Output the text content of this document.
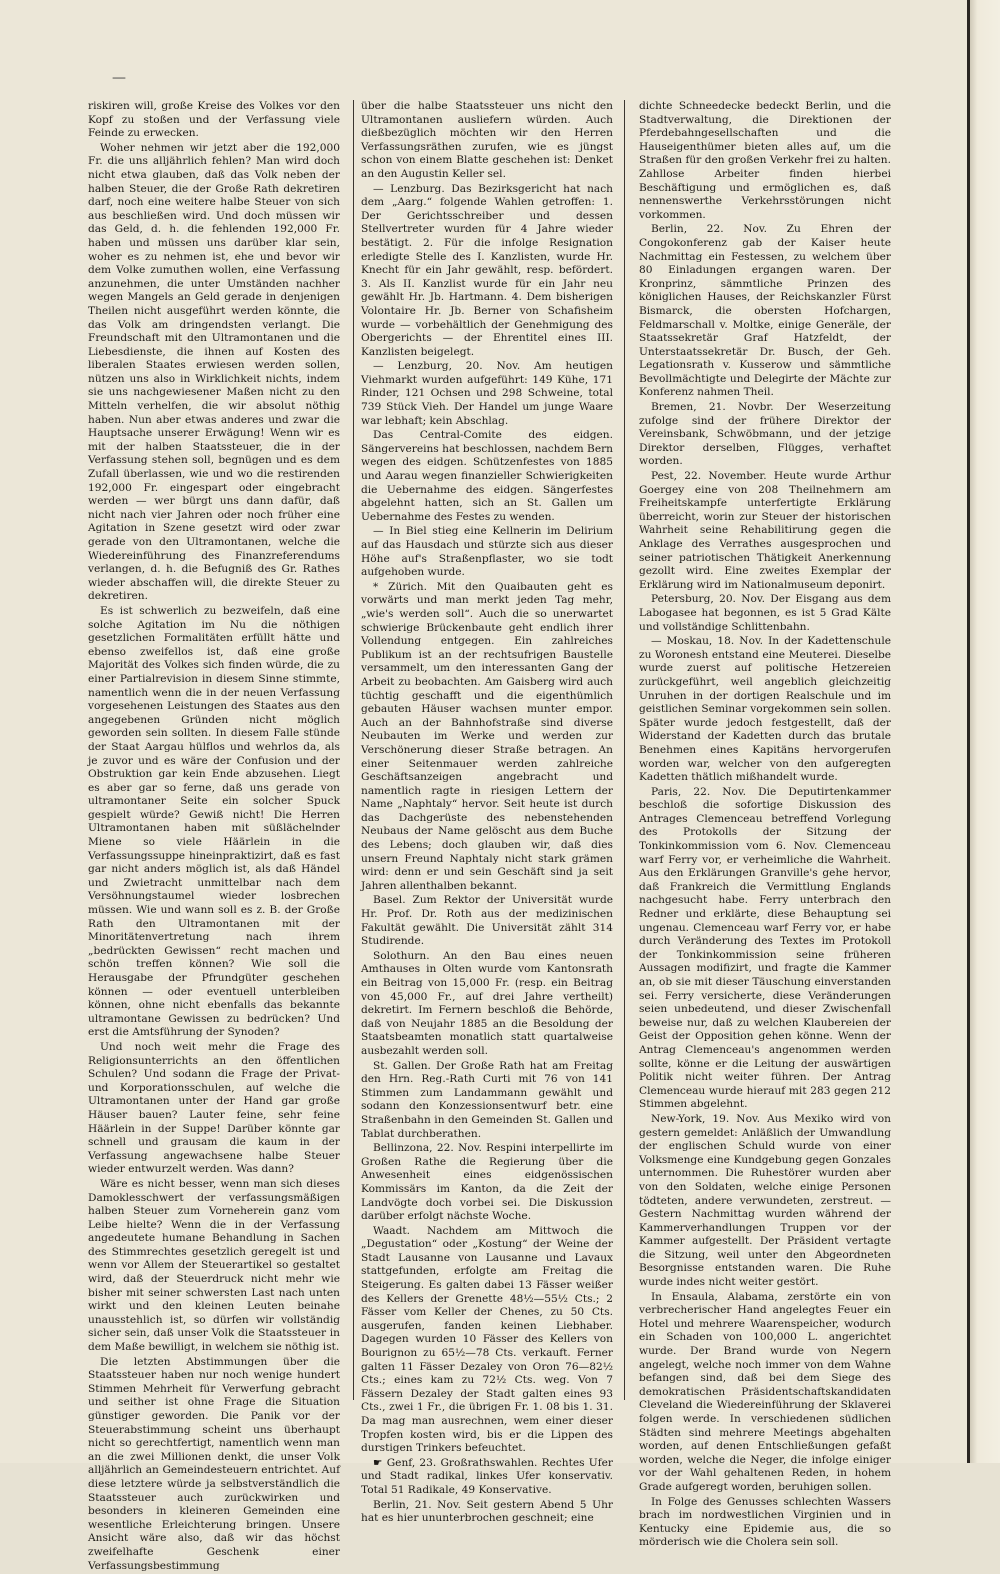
—

riskiren will, große Kreise des Volkes vor den Kopf zu stoßen und der Verfassung viele Feinde zu erwecken.

Woher nehmen wir jetzt aber die 192,000 Fr. die uns alljährlich fehlen? Man wird doch nicht etwa glauben, daß das Volk neben der halben Steuer, die der Große Rath dekretiren darf, noch eine weitere halbe Steuer von sich aus beschließen wird. Und doch müssen wir das Geld, d. h. die fehlenden 192,000 Fr. haben und müssen uns darüber klar sein, woher es zu nehmen ist, ehe und bevor wir dem Volke zumuthen wollen, eine Verfassung anzunehmen, die unter Umständen nachher wegen Mangels an Geld gerade in denjenigen Theilen nicht ausgeführt werden könnte, die das Volk am dringendsten verlangt. Die Freundschaft mit den Ultramontanen und die Liebesdienste, die ihnen auf Kosten des liberalen Staates erwiesen werden sollen, nützen uns also in Wirklichkeit nichts, indem sie uns nachgewiesener Maßen nicht zu den Mitteln verhelfen, die wir absolut nöthig haben. Nun aber etwas anderes und zwar die Hauptsache unserer Erwägung! Wenn wir es mit der halben Staatssteuer, die in der Verfassung stehen soll, begnügen und es dem Zufall überlassen, wie und wo die restirenden 192,000 Fr. eingespart oder eingebracht werden — wer bürgt uns dann dafür, daß nicht nach vier Jahren oder noch früher eine Agitation in Szene gesetzt wird oder zwar gerade von den Ultramontanen, welche die Wiedereinführung des Finanzreferendums verlangen, d. h. die Befugniß des Gr. Rathes wieder abschaffen will, die direkte Steuer zu dekretiren.

Es ist schwerlich zu bezweifeln, daß eine solche Agitation im Nu die nöthigen gesetzlichen Formalitäten erfüllt hätte und ebenso zweifellos ist, daß eine große Majorität des Volkes sich finden würde, die zu einer Partialrevision in diesem Sinne stimmte, namentlich wenn die in der neuen Verfassung vorgesehenen Leistungen des Staates aus den angegebenen Gründen nicht möglich geworden sein sollten. In diesem Falle stünde der Staat Aargau hülflos und wehrlos da, als je zuvor und es wäre der Confusion und der Obstruktion gar kein Ende abzusehen. Liegt es aber gar so ferne, daß uns gerade von ultramontaner Seite ein solcher Spuck gespielt würde? Gewiß nicht! Die Herren Ultramontanen haben mit süßlächelnder Miene so viele Häärlein in die Verfassungssuppe hineinpraktizirt, daß es fast gar nicht anders möglich ist, als daß Händel und Zwietracht unmittelbar nach dem Versöhnungstaumel wieder losbrechen müssen. Wie und wann soll es z. B. der Große Rath den Ultramontanen mit der Minoritätenvertretung nach ihrem „bedrückten Gewissen“ recht machen und schön treffen können? Wie soll die Herausgabe der Pfrundgüter geschehen können — oder eventuell unterbleiben können, ohne nicht ebenfalls das bekannte ultramontane Gewissen zu bedrücken? Und erst die Amtsführung der Synoden?

Und noch weit mehr die Frage des Religionsunterrichts an den öffentlichen Schulen? Und sodann die Frage der Privat- und Korporationsschulen, auf welche die Ultramontanen unter der Hand gar große Häuser bauen? Lauter feine, sehr feine Häärlein in der Suppe! Darüber könnte gar schnell und grausam die kaum in der Verfassung angewachsene halbe Steuer wieder entwurzelt werden. Was dann?

Wäre es nicht besser, wenn man sich dieses Damoklesschwert der verfassungsmäßigen halben Steuer zum Vorneherein ganz vom Leibe hielte? Wenn die in der Verfassung angedeutete humane Behandlung in Sachen des Stimmrechtes gesetzlich geregelt ist und wenn vor Allem der Steuerartikel so gestaltet wird, daß der Steuerdruck nicht mehr wie bisher mit seiner schwersten Last nach unten wirkt und den kleinen Leuten beinahe unausstehlich ist, so dürfen wir vollständig sicher sein, daß unser Volk die Staatssteuer in dem Maße bewilligt, in welchem sie nöthig ist.

Die letzten Abstimmungen über die Staatssteuer haben nur noch wenige hundert Stimmen Mehrheit für Verwerfung gebracht und seither ist ohne Frage die Situation günstiger geworden. Die Panik vor der Steuerabstimmung scheint uns überhaupt nicht so gerechtfertigt, namentlich wenn man an die zwei Millionen denkt, die unser Volk alljährlich an Gemeindesteuern entrichtet. Auf diese letztere würde ja selbstverständlich die Staatssteuer auch zurückwirken und besonders in kleineren Gemeinden eine wesentliche Erleichterung bringen. Unsere Ansicht wäre also, daß wir das höchst zweifelhafte Geschenk einer Verfassungsbestimmung

über die halbe Staatssteuer uns nicht den Ultramontanen ausliefern würden. Auch dießbezüglich möchten wir den Herren Verfassungsräthen zurufen, wie es jüngst schon von einem Blatte geschehen ist: Denket an den Augustin Keller sel.

— Lenzburg. Das Bezirksgericht hat nach dem „Aarg.“ folgende Wahlen getroffen: 1. Der Gerichtsschreiber und dessen Stellvertreter wurden für 4 Jahre wieder bestätigt. 2. Für die infolge Resignation erledigte Stelle des I. Kanzlisten, wurde Hr. Knecht für ein Jahr gewählt, resp. befördert. 3. Als II. Kanzlist wurde für ein Jahr neu gewählt Hr. Jb. Hartmann. 4. Dem bisherigen Volontaire Hr. Jb. Berner von Schafisheim wurde — vorbehältlich der Genehmigung des Obergerichts — der Ehrentitel eines III. Kanzlisten beigelegt.

— Lenzburg, 20. Nov. Am heutigen Viehmarkt wurden aufgeführt: 149 Kühe, 171 Rinder, 121 Ochsen und 298 Schweine, total 739 Stück Vieh. Der Handel um junge Waare war lebhaft; kein Abschlag.

Das Central-Comite des eidgen. Sängervereins hat beschlossen, nachdem Bern wegen des eidgen. Schützenfestes von 1885 und Aarau wegen finanzieller Schwierigkeiten die Uebernahme des eidgen. Sängerfestes abgelehnt hatten, sich an St. Gallen um Uebernahme des Festes zu wenden.

— In Biel stieg eine Kellnerin im Delirium auf das Hausdach und stürzte sich aus dieser Höhe auf's Straßenpflaster, wo sie todt aufgehoben wurde.

* Zürich. Mit den Quaibauten geht es vorwärts und man merkt jeden Tag mehr, „wie's werden soll“. Auch die so unerwartet schwierige Brückenbaute geht endlich ihrer Vollendung entgegen. Ein zahlreiches Publikum ist an der rechtsufrigen Baustelle versammelt, um den interessanten Gang der Arbeit zu beobachten. Am Gaisberg wird auch tüchtig geschafft und die eigenthümlich gebauten Häuser wachsen munter empor. Auch an der Bahnhofstraße sind diverse Neubauten im Werke und werden zur Verschönerung dieser Straße betragen. An einer Seitenmauer werden zahlreiche Geschäftsanzeigen angebracht und namentlich ragte in riesigen Lettern der Name „Naphtaly“ hervor. Seit heute ist durch das Dachgerüste des nebenstehenden Neubaus der Name gelöscht aus dem Buche des Lebens; doch glauben wir, daß dies unsern Freund Naphtaly nicht stark grämen wird: denn er und sein Geschäft sind ja seit Jahren allenthalben bekannt.

Basel. Zum Rektor der Universität wurde Hr. Prof. Dr. Roth aus der medizinischen Fakultät gewählt. Die Universität zählt 314 Studirende.

Solothurn. An den Bau eines neuen Amthauses in Olten wurde vom Kantonsrath ein Beitrag von 15,000 Fr. (resp. ein Beitrag von 45,000 Fr., auf drei Jahre vertheilt) dekretirt. Im Fernern beschloß die Behörde, daß von Neujahr 1885 an die Besoldung der Staatsbeamten monatlich statt quartalweise ausbezahlt werden soll.

St. Gallen. Der Große Rath hat am Freitag den Hrn. Reg.-Rath Curti mit 76 von 141 Stimmen zum Landammann gewählt und sodann den Konzessionsentwurf betr. eine Straßenbahn in den Gemeinden St. Gallen und Tablat durchberathen.

Bellinzona, 22. Nov. Respini interpellirte im Großen Rathe die Regierung über die Anwesenheit eines eidgenössischen Kommissärs im Kanton, da die Zeit der Landvögte doch vorbei sei. Die Diskussion darüber erfolgt nächste Woche.

Waadt. Nachdem am Mittwoch die „Degustation“ oder „Kostung“ der Weine der Stadt Lausanne von Lausanne und Lavaux stattgefunden, erfolgte am Freitag die Steigerung. Es galten dabei 13 Fässer weißer des Kellers der Grenette 48½—55½ Cts.; 2 Fässer vom Keller der Chenes, zu 50 Cts. ausgerufen, fanden keinen Liebhaber. Dagegen wurden 10 Fässer des Kellers von Bourignon zu 65½—78 Cts. verkauft. Ferner galten 11 Fässer Dezaley von Oron 76—82½ Cts.; eines kam zu 72½ Cts. weg. Von 7 Fässern Dezaley der Stadt galten eines 93 Cts., zwei 1 Fr., die übrigen Fr. 1. 08 bis 1. 31. Da mag man ausrechnen, wem einer dieser Tropfen kosten wird, bis er die Lippen des durstigen Trinkers befeuchtet.

☛ Genf, 23. Großrathswahlen. Rechtes Ufer und Stadt radikal, linkes Ufer konservativ. Total 51 Radikale, 49 Konservative.

Berlin, 21. Nov. Seit gestern Abend 5 Uhr hat es hier ununterbrochen geschneit; eine

dichte Schneedecke bedeckt Berlin, und die Stadtverwaltung, die Direktionen der Pferdebahngesellschaften und die Hauseigenthümer bieten alles auf, um die Straßen für den großen Verkehr frei zu halten. Zahllose Arbeiter finden hierbei Beschäftigung und ermöglichen es, daß nennenswerthe Verkehrsstörungen nicht vorkommen.

Berlin, 22. Nov. Zu Ehren der Congokonferenz gab der Kaiser heute Nachmittag ein Festessen, zu welchem über 80 Einladungen ergangen waren. Der Kronprinz, sämmtliche Prinzen des königlichen Hauses, der Reichskanzler Fürst Bismarck, die obersten Hofchargen, Feldmarschall v. Moltke, einige Generäle, der Staatssekretär Graf Hatzfeldt, der Unterstaatssekretär Dr. Busch, der Geh. Legationsrath v. Kusserow und sämmtliche Bevollmächtigte und Delegirte der Mächte zur Konferenz nahmen Theil.

Bremen, 21. Novbr. Der Weserzeitung zufolge sind der frühere Direktor der Vereinsbank, Schwöbmann, und der jetzige Direktor derselben, Flügges, verhaftet worden.

Pest, 22. November. Heute wurde Arthur Goergey eine von 208 Theilnehmern am Freiheitskampfe unterfertigte Erklärung überreicht, worin zur Steuer der historischen Wahrheit seine Rehabilitirung gegen die Anklage des Verrathes ausgesprochen und seiner patriotischen Thätigkeit Anerkennung gezollt wird. Eine zweites Exemplar der Erklärung wird im Nationalmuseum deponirt.

Petersburg, 20. Nov. Der Eisgang aus dem Labogasee hat begonnen, es ist 5 Grad Kälte und vollständige Schlittenbahn.

— Moskau, 18. Nov. In der Kadettenschule zu Woronesh entstand eine Meuterei. Dieselbe wurde zuerst auf politische Hetzereien zurückgeführt, weil angeblich gleichzeitig Unruhen in der dortigen Realschule und im geistlichen Seminar vorgekommen sein sollen. Später wurde jedoch festgestellt, daß der Widerstand der Kadetten durch das brutale Benehmen eines Kapitäns hervorgerufen worden war, welcher von den aufgeregten Kadetten thätlich mißhandelt wurde.

Paris, 22. Nov. Die Deputirtenkammer beschloß die sofortige Diskussion des Antrages Clemenceau betreffend Vorlegung des Protokolls der Sitzung der Tonkinkommission vom 6. Nov. Clemenceau warf Ferry vor, er verheimliche die Wahrheit. Aus den Erklärungen Granville's gehe hervor, daß Frankreich die Vermittlung Englands nachgesucht habe. Ferry unterbrach den Redner und erklärte, diese Behauptung sei ungenau. Clemenceau warf Ferry vor, er habe durch Veränderung des Textes im Protokoll der Tonkinkommission seine früheren Aussagen modifizirt, und fragte die Kammer an, ob sie mit dieser Täuschung einverstanden sei. Ferry versicherte, diese Veränderungen seien unbedeutend, und dieser Zwischenfall beweise nur, daß zu welchen Klaubereien der Geist der Opposition gehen könne. Wenn der Antrag Clemenceau's angenommen werden sollte, könne er die Leitung der auswärtigen Politik nicht weiter führen. Der Antrag Clemenceau wurde hierauf mit 283 gegen 212 Stimmen abgelehnt.

New-York, 19. Nov. Aus Mexiko wird von gestern gemeldet: Anläßlich der Umwandlung der englischen Schuld wurde von einer Volksmenge eine Kundgebung gegen Gonzales unternommen. Die Ruhestörer wurden aber von den Soldaten, welche einige Personen tödteten, andere verwundeten, zerstreut. — Gestern Nachmittag wurden während der Kammerverhandlungen Truppen vor der Kammer aufgestellt. Der Präsident vertagte die Sitzung, weil unter den Abgeordneten Besorgnisse entstanden waren. Die Ruhe wurde indes nicht weiter gestört.

In Ensaula, Alabama, zerstörte ein von verbrecherischer Hand angelegtes Feuer ein Hotel und mehrere Waarenspeicher, wodurch ein Schaden von 100,000 L. angerichtet wurde. Der Brand wurde von Negern angelegt, welche noch immer von dem Wahne befangen sind, daß bei dem Siege des demokratischen Präsidentschaftskandidaten Cleveland die Wiedereinführung der Sklaverei folgen werde. In verschiedenen südlichen Städten sind mehrere Meetings abgehalten worden, auf denen Entschließungen gefaßt worden, welche die Neger, die infolge einiger vor der Wahl gehaltenen Reden, in hohem Grade aufgeregt worden, beruhigen sollen.

In Folge des Genusses schlechten Wassers brach im nordwestlichen Virginien und in Kentucky eine Epidemie aus, die so mörderisch wie die Cholera sein soll.
